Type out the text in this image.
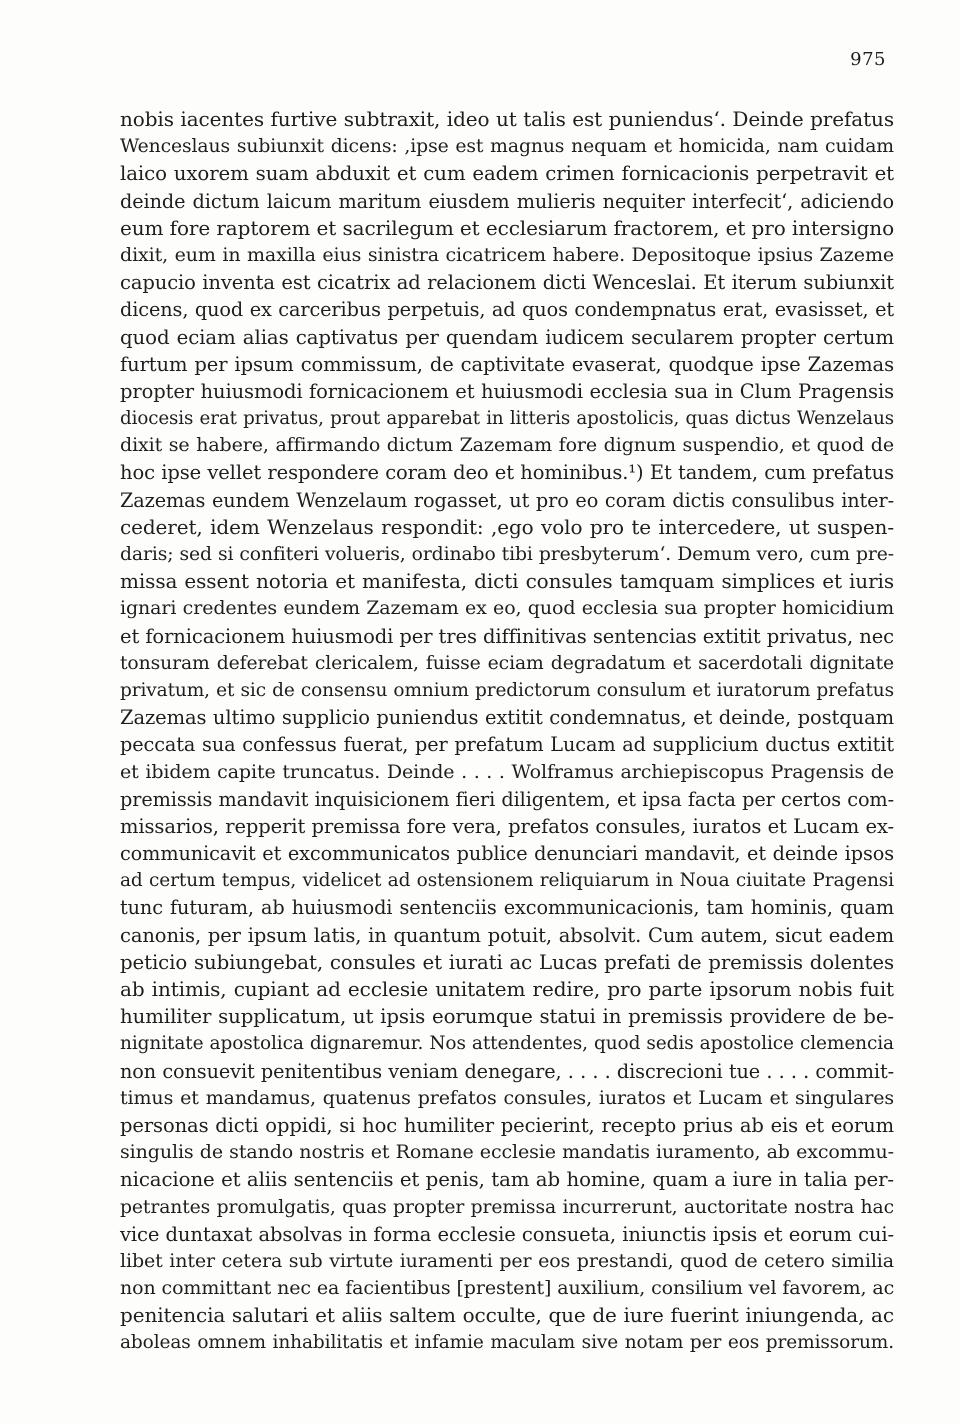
975
nobis iacentes furtive subtraxit, ideo ut talis est puniendus‘. Deinde prefatus
Wenceslaus subiunxit dicens: ,ipse est magnus nequam et homicida, nam cuidam
laico uxorem suam abduxit et cum eadem crimen fornicacionis perpetravit et
deinde dictum laicum maritum eiusdem mulieris nequiter interfecit‘, adiciendo
eum fore raptorem et sacrilegum et ecclesiarum fractorem, et pro intersigno
dixit, eum in maxilla eius sinistra cicatricem habere. Depositoque ipsius Zazeme
capucio inventa est cicatrix ad relacionem dicti Wenceslai. Et iterum subiunxit
dicens, quod ex carceribus perpetuis, ad quos condempnatus erat, evasisset, et
quod eciam alias captivatus per quendam iudicem secularem propter certum
furtum per ipsum commissum, de captivitate evaserat, quodque ipse Zazemas
propter huiusmodi fornicacionem et huiusmodi ecclesia sua in Clum Pragensis
diocesis erat privatus, prout apparebat in litteris apostolicis, quas dictus Wenzelaus
dixit se habere, affirmando dictum Zazemam fore dignum suspendio, et quod de
hoc ipse vellet respondere coram deo et hominibus.¹) Et tandem, cum prefatus
Zazemas eundem Wenzelaum rogasset, ut pro eo coram dictis consulibus inter-
cederet, idem Wenzelaus respondit: ,ego volo pro te intercedere, ut suspen-
daris; sed si confiteri volueris, ordinabo tibi presbyterum‘. Demum vero, cum pre-
missa essent notoria et manifesta, dicti consules tamquam simplices et iuris
ignari credentes eundem Zazemam ex eo, quod ecclesia sua propter homicidium
et fornicacionem huiusmodi per tres diffinitivas sentencias extitit privatus, nec
tonsuram deferebat clericalem, fuisse eciam degradatum et sacerdotali dignitate
privatum, et sic de consensu omnium predictorum consulum et iuratorum prefatus
Zazemas ultimo supplicio puniendus extitit condemnatus, et deinde, postquam
peccata sua confessus fuerat, per prefatum Lucam ad supplicium ductus extitit
et ibidem capite truncatus. Deinde . . . . Wolframus archiepiscopus Pragensis de
premissis mandavit inquisicionem fieri diligentem, et ipsa facta per certos com-
missarios, repperit premissa fore vera, prefatos consules, iuratos et Lucam ex-
communicavit et excommunicatos publice denunciari mandavit, et deinde ipsos
ad certum tempus, videlicet ad ostensionem reliquiarum in Noua ciuitate Pragensi
tunc futuram, ab huiusmodi sentenciis excommunicacionis, tam hominis, quam
canonis, per ipsum latis, in quantum potuit, absolvit. Cum autem, sicut eadem
peticio subiungebat, consules et iurati ac Lucas prefati de premissis dolentes
ab intimis, cupiant ad ecclesie unitatem redire, pro parte ipsorum nobis fuit
humiliter supplicatum, ut ipsis eorumque statui in premissis providere de be-
nignitate apostolica dignaremur. Nos attendentes, quod sedis apostolice clemencia
non consuevit penitentibus veniam denegare, . . . . discrecioni tue . . . . commit-
timus et mandamus, quatenus prefatos consules, iuratos et Lucam et singulares
personas dicti oppidi, si hoc humiliter pecierint, recepto prius ab eis et eorum
singulis de stando nostris et Romane ecclesie mandatis iuramento, ab excommu-
nicacione et aliis sentenciis et penis, tam ab homine, quam a iure in talia per-
petrantes promulgatis, quas propter premissa incurrerunt, auctoritate nostra hac
vice duntaxat absolvas in forma ecclesie consueta, iniunctis ipsis et eorum cui-
libet inter cetera sub virtute iuramenti per eos prestandi, quod de cetero similia
non committant nec ea facientibus [prestent] auxilium, consilium vel favorem, ac
penitencia salutari et aliis saltem occulte, que de iure fuerint iniungenda, ac
aboleas omnem inhabilitatis et infamie maculam sive notam per eos premissorum.
